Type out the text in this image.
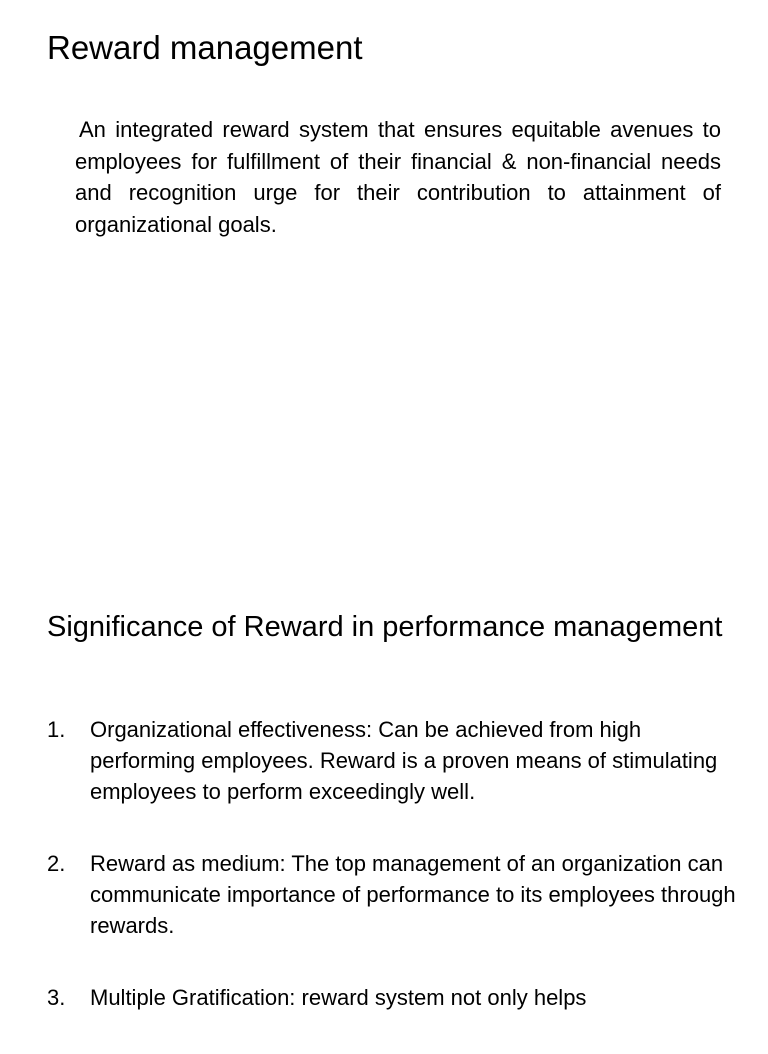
Reward management

An integrated reward system that ensures equitable avenues to employees for fulfillment of their financial & non-financial needs and recognition urge for their contribution to attainment of organizational goals.

Significance of Reward in performance management
1.	Organizational effectiveness: Can be achieved from high performing employees. Reward is a proven means of stimulating employees to perform exceedingly well.
2.	Reward as medium: The top management of an organization can communicate importance of performance to its employees through rewards.
3.	Multiple Gratification: reward system not only helps
